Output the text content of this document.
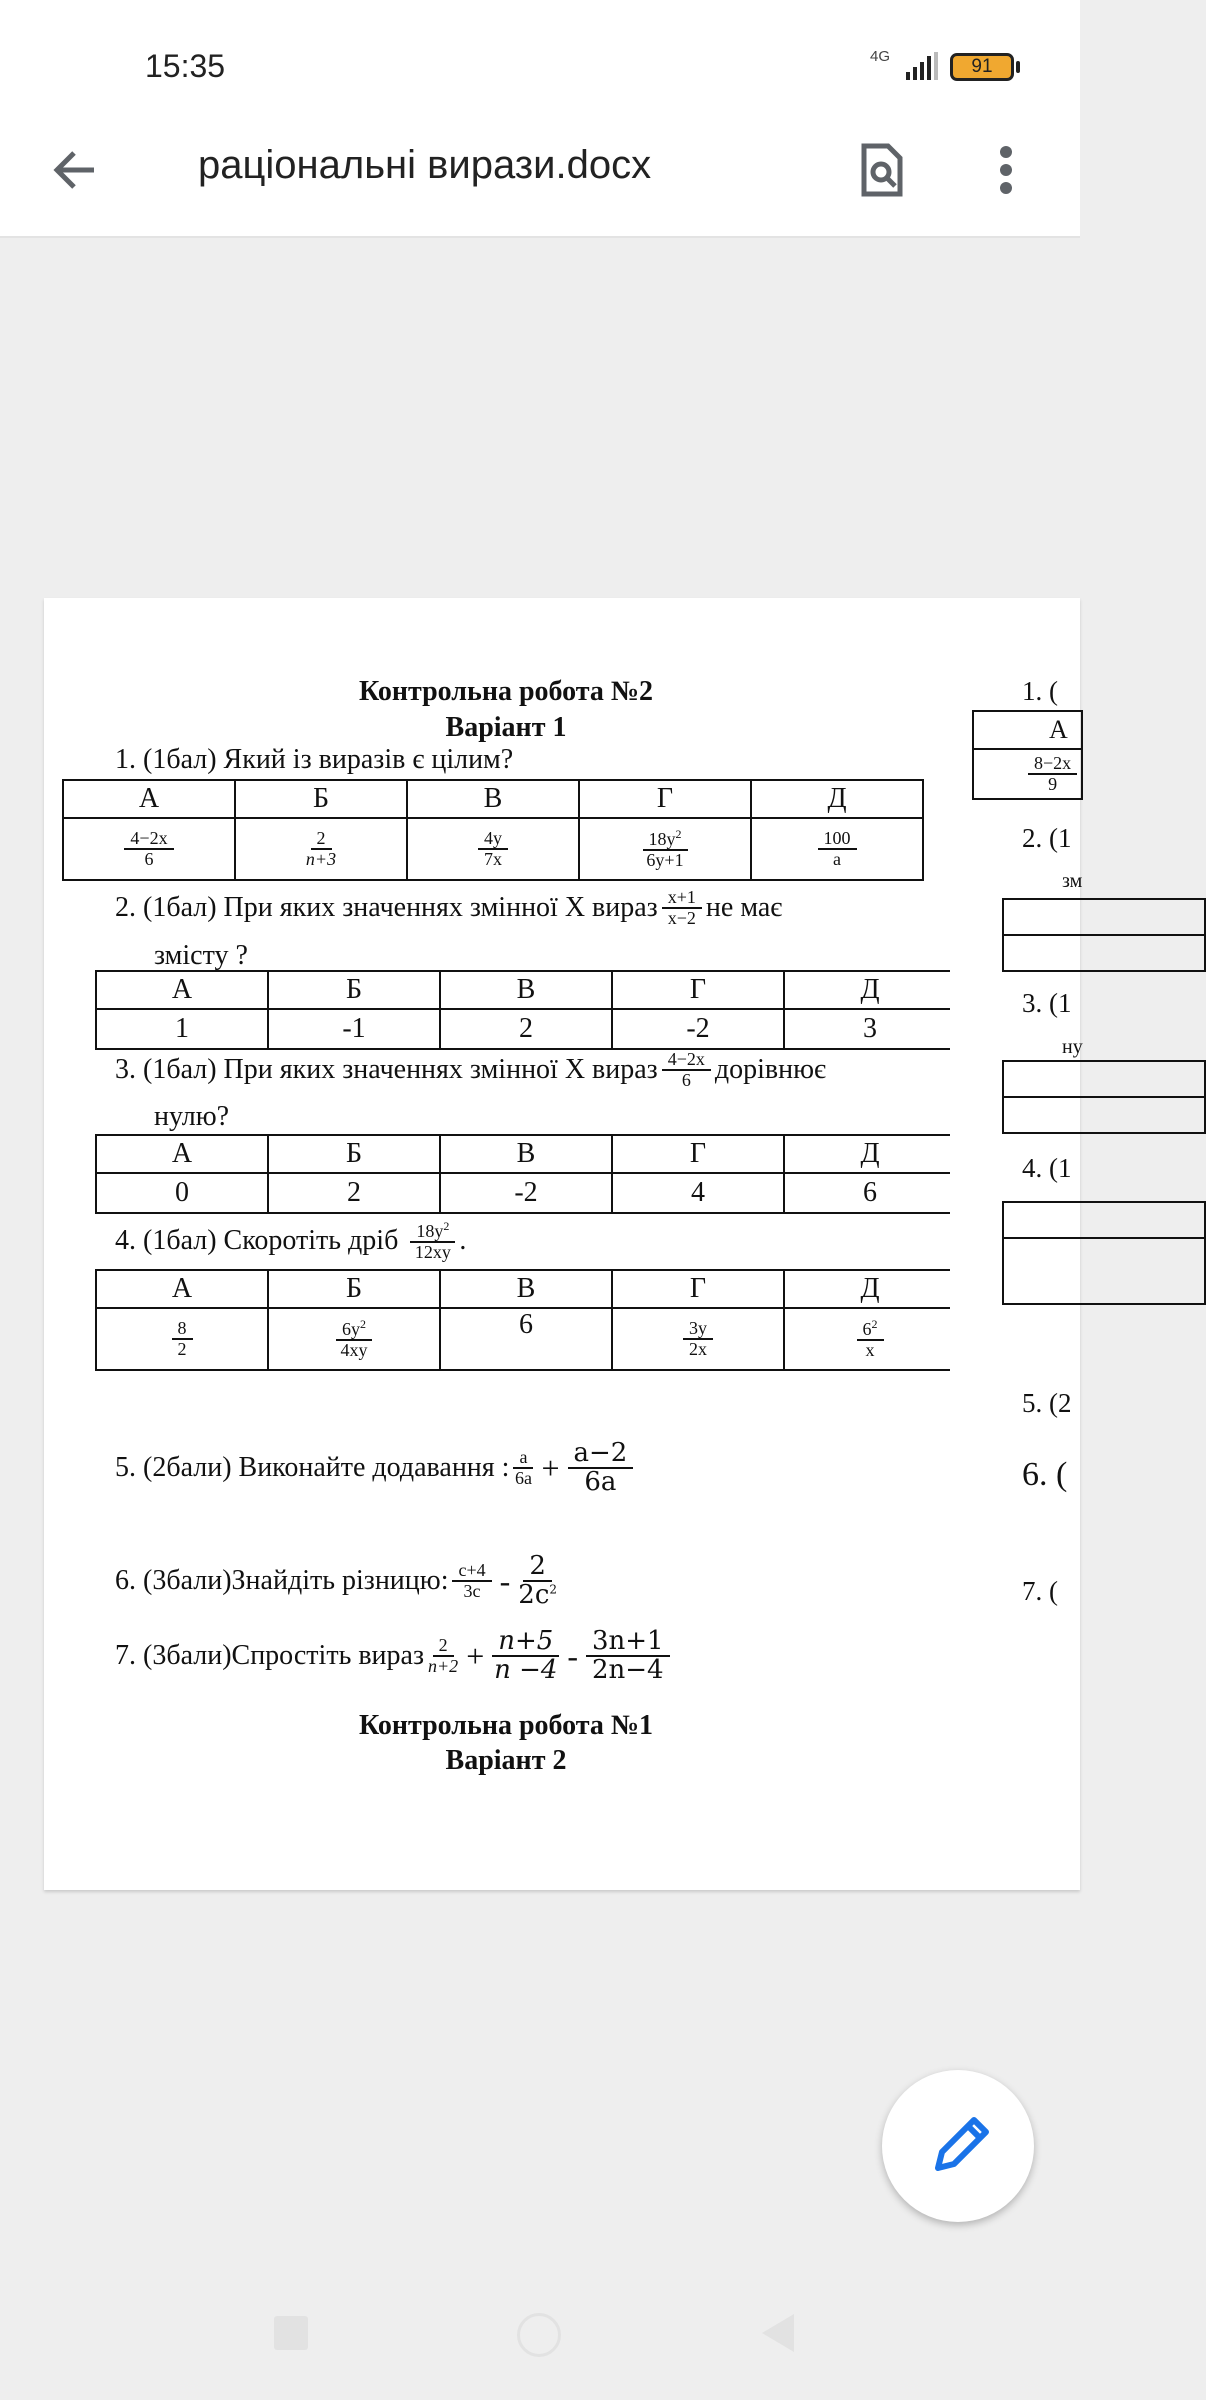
15:35	4G	91
раціональні вирази.docx
Контрольна робота №2
Варіант 1
1. (1бал) Який із виразів є цілим?
А	Б	В	Г	Д

$\frac{4-2x}{6}$	$\frac{2}{n+3}$	$\frac{4y}{7x}$	$\frac{18y^2}{6y+1}$	$\frac{100}{a}$
2. (1бал) При яких значеннях змінної X вираз $\frac{x+1}{x-2}$ не має
змісту ?
А	Б	В	Г	Д
1	-1	2	-2	3
3. (1бал) При яких значеннях змінної X вираз $\frac{4-2x}{6}$ дорівнює
нулю?
А	Б	В	Г	Д
0	2	-2	4	6
4. (1бал) Скоротіть дріб $\frac{18y^2}{12xy}$ .
А	Б	В	Г	Д

$\frac{8}{2}$	$\frac{6y^2}{4xy}$	6	$\frac{3y}{2x}$	$\frac{6^2}{x}$
5. (2бали) Виконайте додавання : $\frac{a}{6a} + \frac{a-2}{6a}$
6. (3бали)Знайдіть різницю: $\frac{c+4}{3c} - \frac{2}{2c^2}$
7. (3бали)Спростіть вираз $\frac{2}{n+2} + \frac{n+5}{n -4} - \frac{3n+1}{2n-4}$
Контрольна робота №1
Варіант 2
1. (
А

$\frac{8-2x}{9}$
2. (1
зм
3. (1
ну
4. (1
5. (2
6. (
7. (
